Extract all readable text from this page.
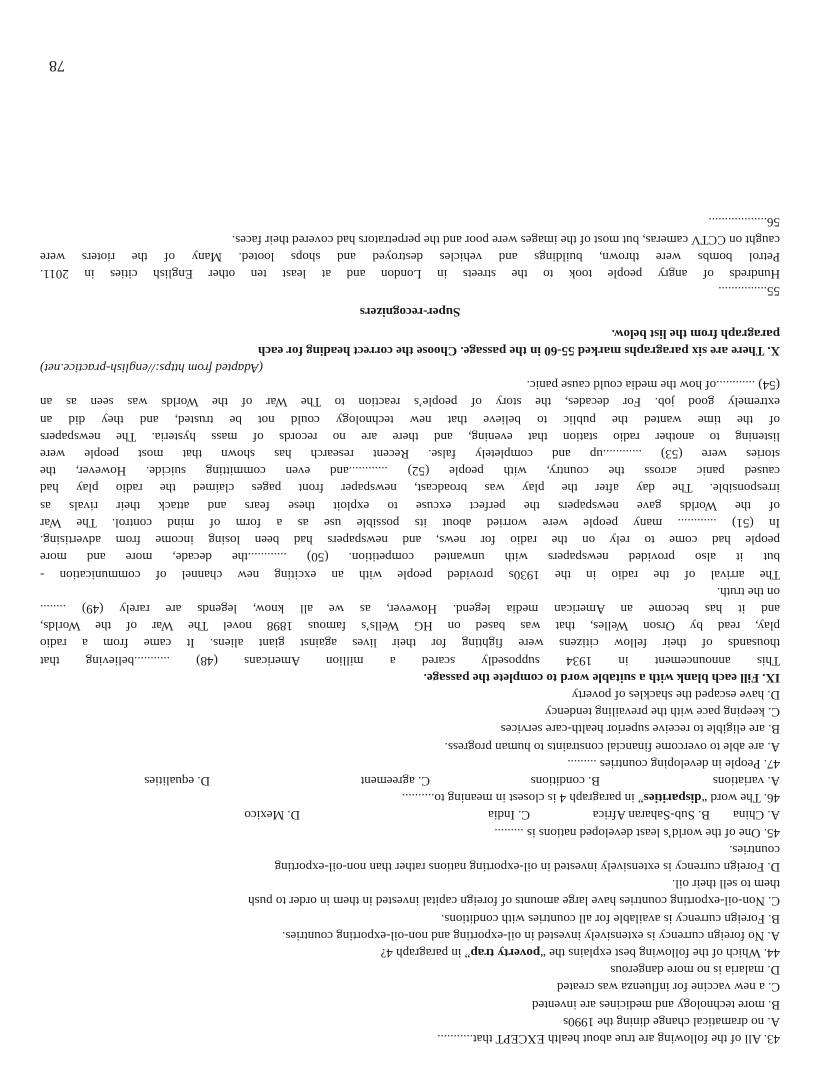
43. All of the following are true about health EXCEPT that...........
A. no dramatical change dining the 1990s
B. more technology and medicines are invented
C. a new vaccine for influenza was created
D. malaria is no more dangerous
44. Which of the following best explains the “poverty trap” in paragraph 4?
A. No foreign currency is extensively invested in oil-exporting and non-oil-exporting countries.
B. Foreign currency is available for all countries with conditions.
C. Non-oil-exporting countries have large amounts of foreign capital invested in them in order to push
them to sell their oil.
D. Foreign currency is extensively invested in oil-exporting nations rather than non-oil-exporting
countries.
45. One of the world’s least developed nations is .........
A. China
B. Sub-Saharan Africa
C. India
D. Mexico
46. The word “disparities” in paragraph 4 is closest in meaning to..........
A. variations
B. conditions
C. agreement
D. equalities
47. People in developing countries .........
A. are able to overcome financial constraints to human progress.
B. are eligible to receive superior health-care services
C. keeping pace with the prevailing tendency
D. have escaped the shackles of poverty
IX. Fill each blank with a suitable word to complete the passage.
This announcement in 1934 supposedly scared a million Americans (48) ...........believing that
thousands of their fellow citizens were fighting for their lives against giant aliens. It came from a radio
play, read by Orson Welles, that was based on HG Wells’s famous 1898 novel The War of the Worlds,
and it has become an American media legend. However, as we all know, legends are rarely (49) ........
on the truth.
The arrival of the radio in the 1930s provided people with an exciting new channel of communication -
but it also provided newspapers with unwanted competition. (50) ............the decade, more and more
people had come to rely on the radio for news, and newspapers had been losing income from advertising.
In (51) ............ many people were worried about its possible use as a form of mind control. The War
of the Worlds gave newspapers the perfect excuse to exploit these fears and attack their rivals as
irresponsible. The day after the play was broadcast, newspaper front pages claimed the radio play had
caused panic across the country, with people (52) ............and even committing suicide. However, the
stories were (53) ............up and completely false. Recent research has shown that most people were
listening to another radio station that evening, and there are no records of mass hysteria. The newspapers
of the time wanted the public to believe that new technology could not be trusted, and they did an
extremely good job. For decades, the story of people’s reaction to The War of the Worlds was seen as an
(54) ............of how the media could cause panic.
(Adapted from https://english-practice.net)
X. There are six paragraphs marked 55-60 in the passage. Choose the correct heading for each
paragraph from the list below.
Super-recognizers
55...............
Hundreds of angry people took to the streets in London and at least ten other English cities in 2011.
Petrol bombs were thrown, buildings and vehicles destroyed and shops looted. Many of the rioters were
caught on CCTV cameras, but most of the images were poor and the perpetrators had covered their faces.
56..................
78
